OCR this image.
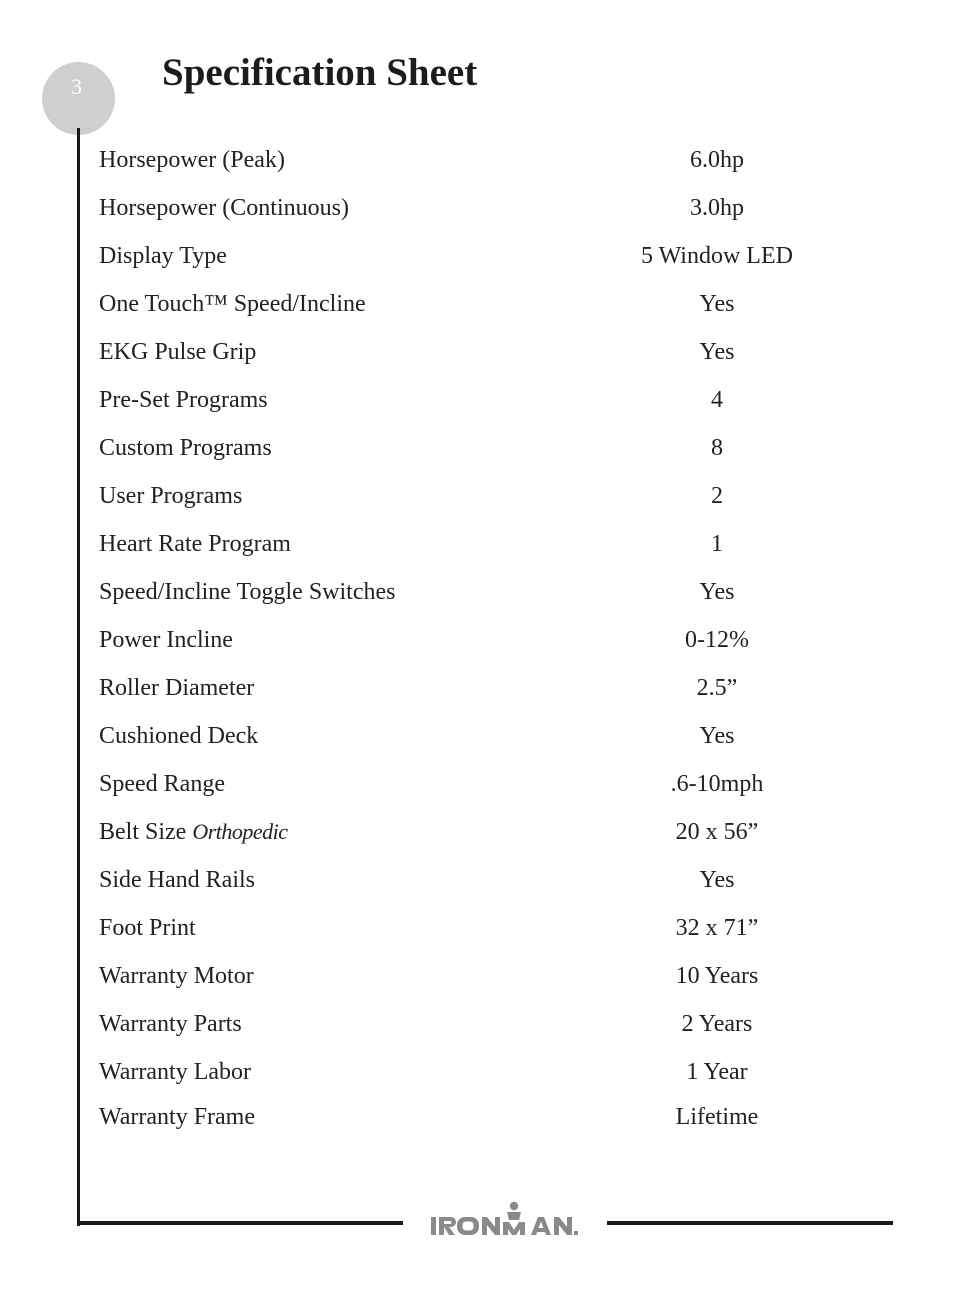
3 Specification Sheet
Horsepower (Peak)	6.0hp
Horsepower (Continuous)	3.0hp
Display Type	5 Window LED
One Touch™ Speed/Incline	Yes
EKG Pulse Grip	Yes
Pre-Set Programs	4
Custom Programs	8
User Programs	2
Heart Rate Program	1
Speed/Incline Toggle Switches	Yes
Power Incline	0-12%
Roller Diameter	2.5”
Cushioned Deck	Yes
Speed Range	.6-10mph
Belt Size Orthopedic	20 x 56”
Side Hand Rails	Yes
Foot Print	32 x 71”
Warranty Motor	10 Years
Warranty Parts	2 Years
Warranty Labor	1 Year
Warranty Frame	Lifetime
